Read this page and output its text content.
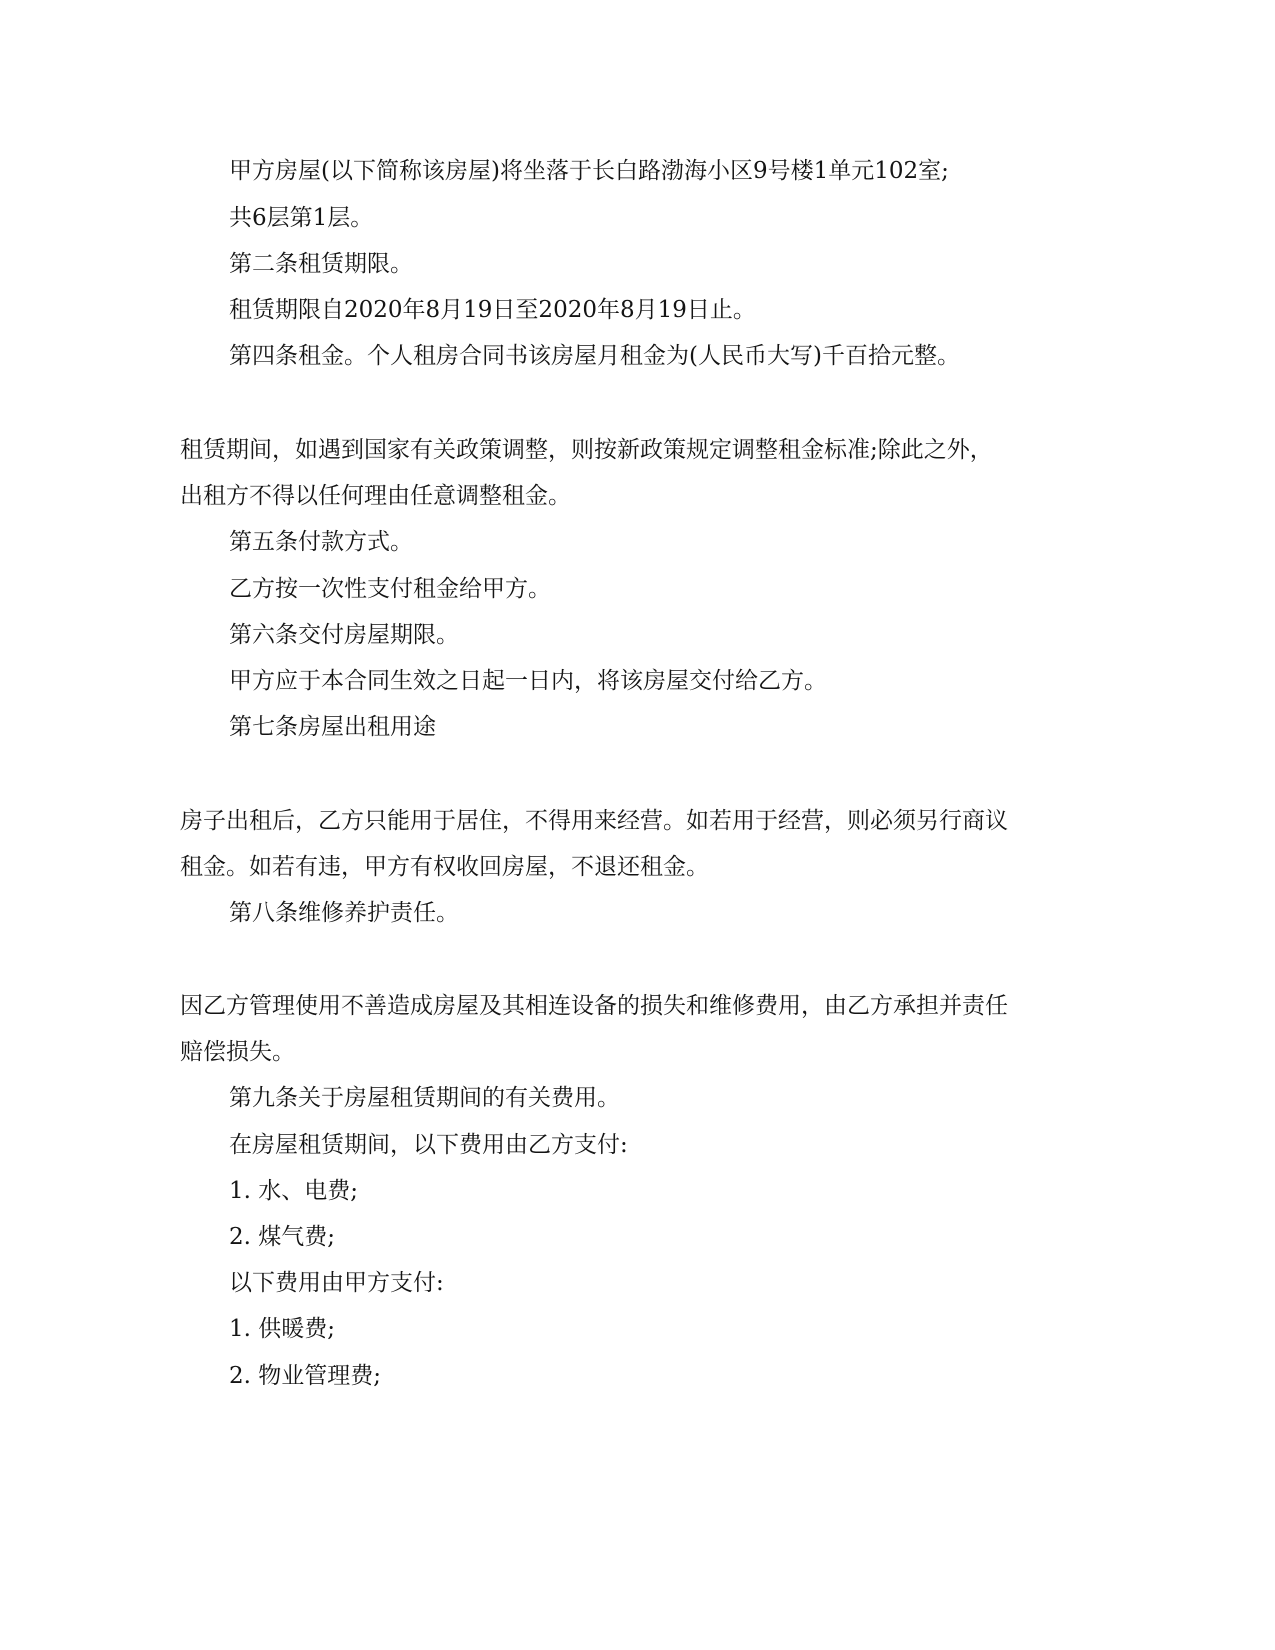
甲方房屋(以下简称该房屋)将坐落于长白路渤海小区9号楼1单元102室;
共6层第1层。
第二条租赁期限。
租赁期限自2020年8月19日至2020年8月19日止。
第四条租金。个人租房合同书该房屋月租金为(人民币大写)千百拾元整。
租赁期间，如遇到国家有关政策调整，则按新政策规定调整租金标准;除此之外，
出租方不得以任何理由任意调整租金。
第五条付款方式。
乙方按一次性支付租金给甲方。
第六条交付房屋期限。
甲方应于本合同生效之日起一日内，将该房屋交付给乙方。
第七条房屋出租用途
房子出租后，乙方只能用于居住，不得用来经营。如若用于经营，则必须另行商议
租金。如若有违，甲方有权收回房屋，不退还租金。
第八条维修养护责任。
因乙方管理使用不善造成房屋及其相连设备的损失和维修费用，由乙方承担并责任
赔偿损失。
第九条关于房屋租赁期间的有关费用。
在房屋租赁期间，以下费用由乙方支付:
1. 水、电费;
2. 煤气费;
以下费用由甲方支付:
1. 供暖费;
2. 物业管理费;
